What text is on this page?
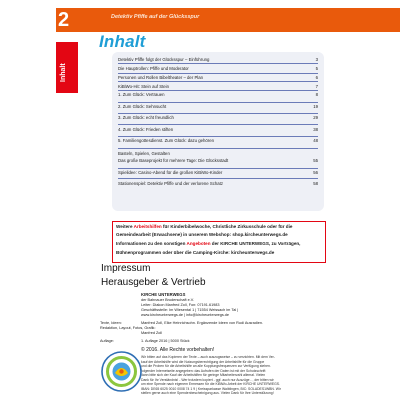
2	Detektiv Pfiffe auf der Glücksspur
Inhalt
Inhalt
Detektiv Pfiffe folgt der Glücksspur – Einführung	3
Die Hauptrollen: Pfiffe und Moderator	5
Personen und Rollen Bibeltheater – der Plan	6
KiBiWo-Hit: Stein auf Stein	7
1. Zum Glück: Vertrauen	8
2. Zum Glück: Sehnsucht	19
3. Zum Glück: echt freundlich	29
4. Zum Glück: Frieden stiften	38
5. Familiengottesdienst. Zum Glück: dazu gehören	48
Basteln, Spielen, Gestalten
Das große Baseprojekt für mehrere Tage: Die Glücksstadt	55
Spielidee: Casino-Abend für die großen KiBiWo-Kinder	56
Stationenspiel: Detektiv Pfiffe und der verlorene Schatz	58
Weitere Arbeitshilfen für Kinderbibelwoche, Christliche Zirkusschule oder für die
Gemeindearbeit (Erwachsene) in unserem Webshop: shop.kircheunterwegs.de
Informationen zu den sonstigen Angeboten der KIRCHE UNTERWEGS, zu Vorträgen,
Bühnenprogrammen oder über die Camping-Kirche: kircheunterwegs.de
Impressum
Herausgeber & Vertrieb
KIRCHE UNTERWEGS
der Bahnauer Bruderschaft e.V.
Leiter: Diakon Manfred Zoll, Fon: 07191.61983
Geschäftsstelle: Im Wiesental 1 | 71554 Weissach im Tal |
www.kircheunterwegs.de | info@kircheunterwegs.de
Texte, Ideen:	Manfred Zoll, Elke Heinrichsohn. Ergänzende Ideen von Rudi Ausradien.
Redaktion, Layout, Fotos, Grafik:
Manfred Zoll
Auflage:	1. Auflage 2016 | 5000 Stück
© 2016. Alle Rechte vorbehalten!
Wir bitten auf das Kopieren der Texte – auch auszugsweise – zu verzichten. Mit dem Ver-
kauf der Arbeitshilfe wird die Nutzungsberechtigung der Arbeitshilfe für die Gruppe
und die Proben für die Arbeitshilfe an alle Kopplungsfrequenzen zur Verfügung stehen.
folgender Internetseite angegeben: das Aufrufen der Daten ist mit der Schutzschrift
dann bitte sich der Kauf der Arbeitshilfen für geringe Mitarbeiterzahl allemal. Vielen
Dank für Ihr Verständnis! - Wer trotzdem kopiert - ggf. auch nur Auszüge - , der bitten wir
um eine Spende nach eigenem Ermessen für die KiBiWo-Arbeit der KIRCHE UNTERWEGS.
IBAN: DE65 6025 0010 0008 74 1 9 | Kreissparkasse Waiblingen, BIC: SOLADES1WBN. Wir
stellen gerne auch eine Spendenbescheinigung aus. Vielen Dank für Ihre Unterstützung!
